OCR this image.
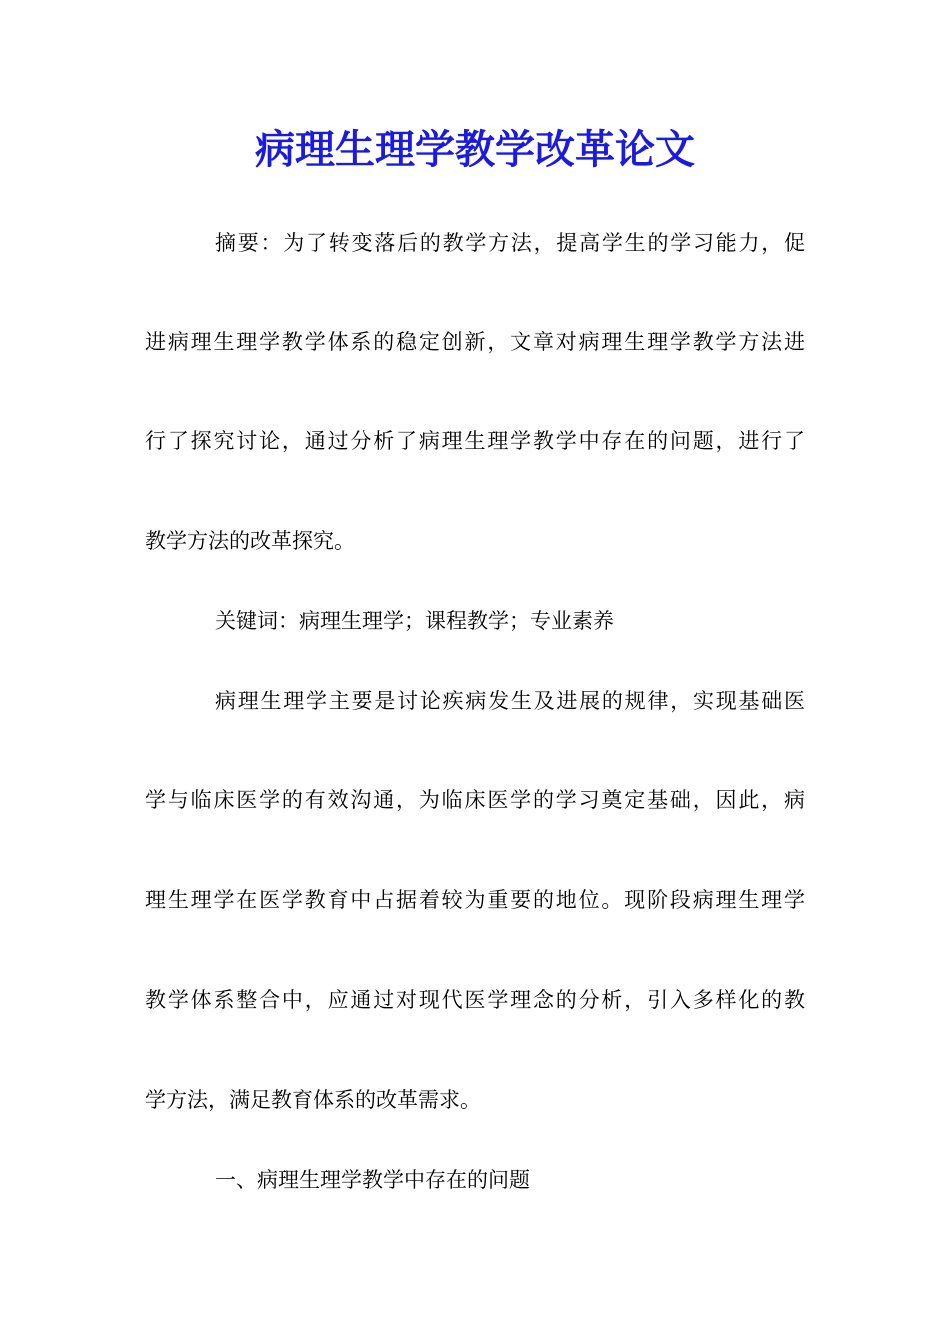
病理生理学教学改革论文

摘要：为了转变落后的教学方法，提高学生的学习能力，促

进病理生理学教学体系的稳定创新，文章对病理生理学教学方法进

行了探究讨论，通过分析了病理生理学教学中存在的问题，进行了

教学方法的改革探究。

关键词：病理生理学；课程教学；专业素养

病理生理学主要是讨论疾病发生及进展的规律，实现基础医

学与临床医学的有效沟通，为临床医学的学习奠定基础，因此，病

理生理学在医学教育中占据着较为重要的地位。现阶段病理生理学

教学体系整合中，应通过对现代医学理念的分析，引入多样化的教

学方法，满足教育体系的改革需求。

一、病理生理学教学中存在的问题
